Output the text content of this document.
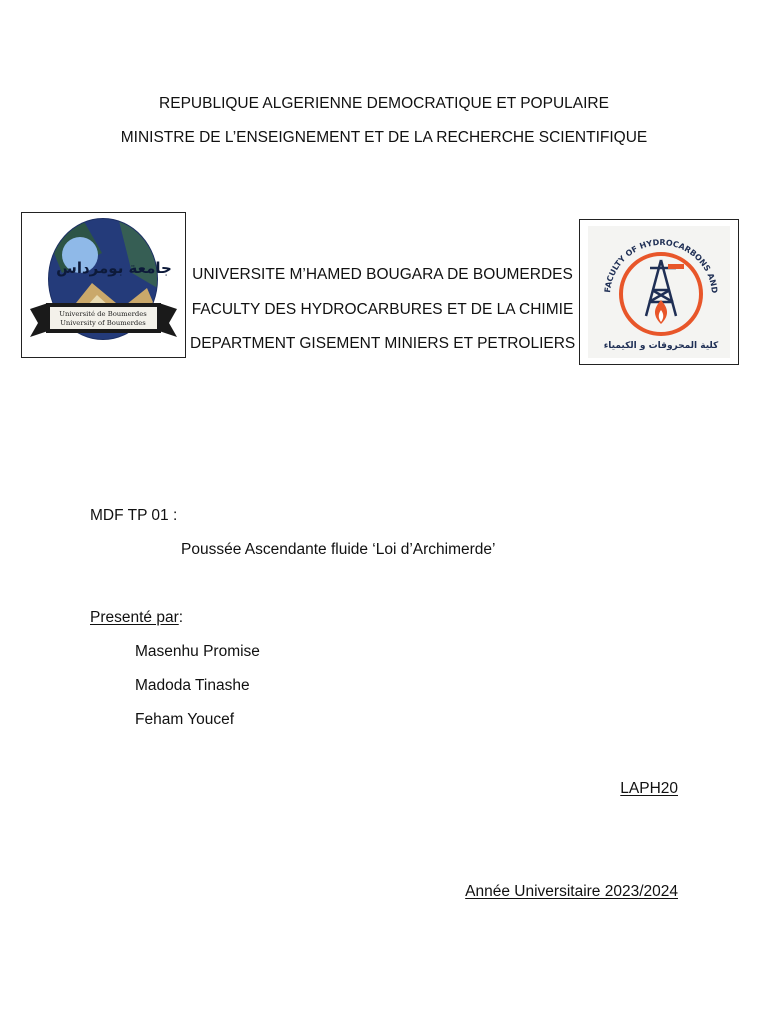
REPUBLIQUE ALGERIENNE DEMOCRATIQUE ET POPULAIRE
MINISTRE DE L’ENSEIGNEMENT ET DE LA RECHERCHE SCIENTIFIQUE
جامعة بومرداس
Université de Boumerdes
University of Boumerdes
UNIVERSITE M’HAMED BOUGARA DE BOUMERDES
FACULTY DES HYDROCARBURES ET DE LA CHIMIE
DEPARTMENT GISEMENT MINIERS ET PETROLIERS
FACULTY OF HYDROCARBONS AND
كلية المحروقات و الكيمياء
MDF TP 01 :
Poussée Ascendante fluide ‘Loi d’Archimerde’
Presenté par:
Masenhu Promise
Madoda Tinashe
Feham Youcef
LAPH20
Année Universitaire 2023/2024
